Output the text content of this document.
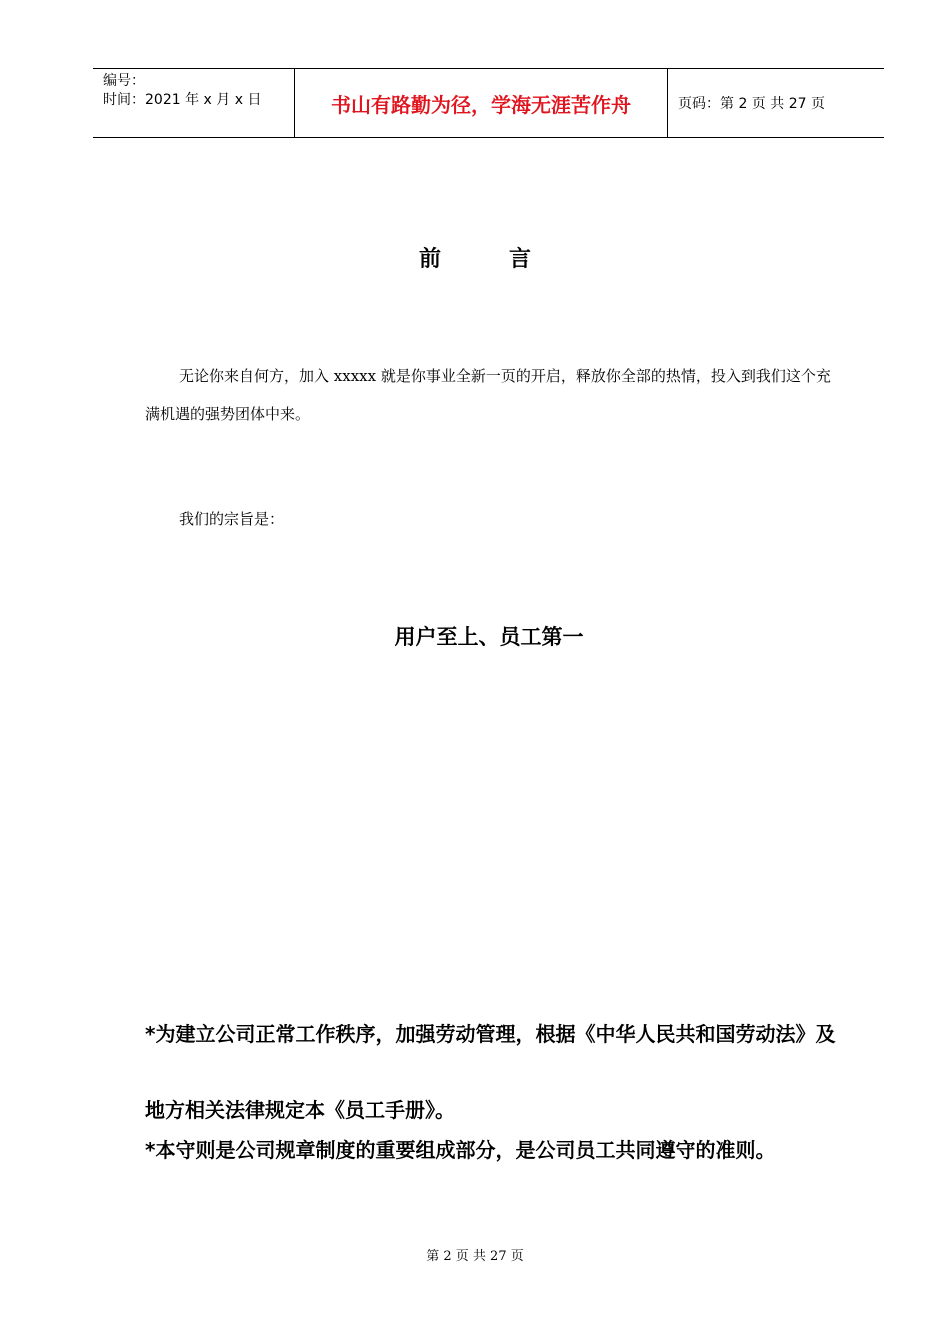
编号：
时间：2021 年 x 月 x 日	书山有路勤为径，学海无涯苦作舟	页码：第 2 页 共 27 页
前	言
无论你来自何方，加入 xxxxx 就是你事业全新一页的开启，释放你全部的热情，投入到我们这个充满机遇的强势团体中来。
我们的宗旨是：
用户至上、员工第一
*为建立公司正常工作秩序，加强劳动管理，根据《中华人民共和国劳动法》及地方相关法律规定本《员工手册》。
*本守则是公司规章制度的重要组成部分，是公司员工共同遵守的准则。
第 2 页 共 27 页
